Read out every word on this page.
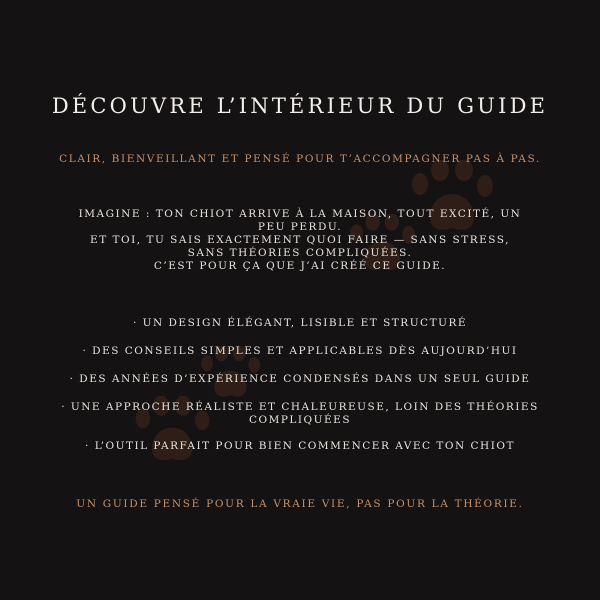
DÉCOUVRE L’INTÉRIEUR DU GUIDE
CLAIR, BIENVEILLANT ET PENSÉ POUR T’ACCOMPAGNER PAS À PAS.
IMAGINE : TON CHIOT ARRIVE À LA MAISON, TOUT EXCITÉ, UN PEU PERDU.
ET TOI, TU SAIS EXACTEMENT QUOI FAIRE — SANS STRESS, SANS THÉORIES COMPLIQUÉES.
C’EST POUR ÇA QUE J’AI CRÉÉ CE GUIDE.
· UN DESIGN ÉLÉGANT, LISIBLE ET STRUCTURÉ
· DES CONSEILS SIMPLES ET APPLICABLES DÈS AUJOURD’HUI
· DES ANNÉES D’EXPÉRIENCE CONDENSÉS DANS UN SEUL GUIDE
· UNE APPROCHE RÉALISTE ET CHALEUREUSE, LOIN DES THÉORIES COMPLIQUÉES
· L’OUTIL PARFAIT POUR BIEN COMMENCER AVEC TON CHIOT
UN GUIDE PENSÉ POUR LA VRAIE VIE, PAS POUR LA THÉORIE.
